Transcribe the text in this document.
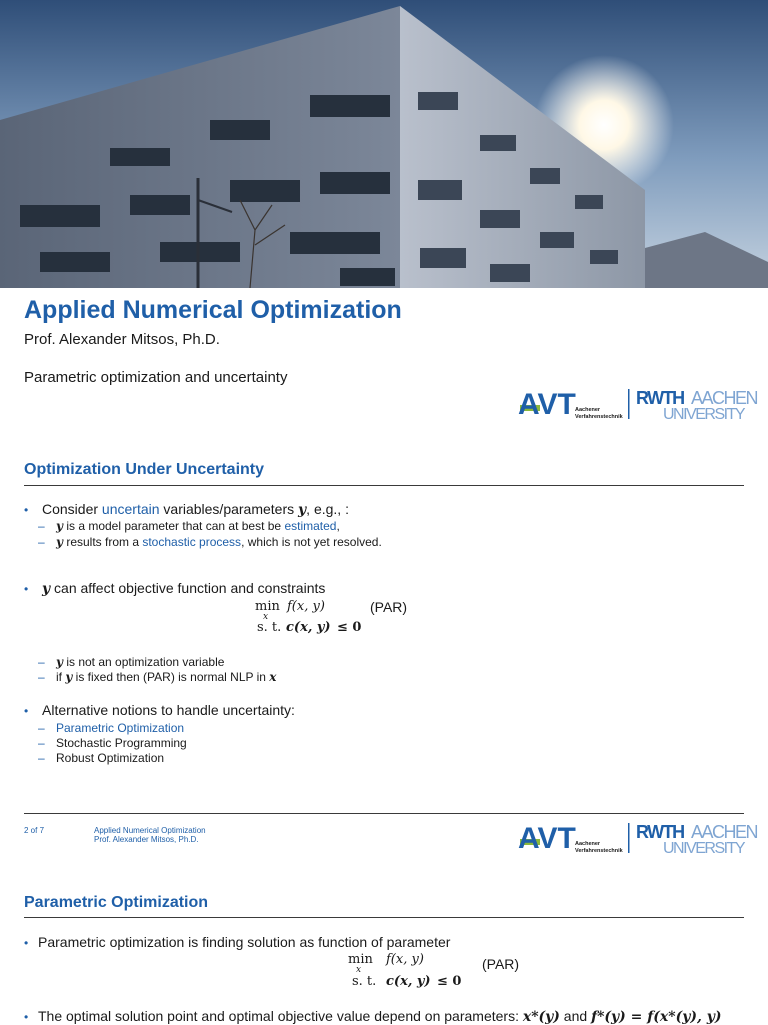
Applied Numerical Optimization
Prof. Alexander Mitsos, Ph.D.
Parametric optimization and uncertainty
AVT Aachener
Verfahrenstechnik
RWTH AACHEN
UNIVERSITY
Optimization Under Uncertainty
• Consider uncertain variables/parameters y, e.g., :
– y is a model parameter that can at best be estimated,
– y results from a stochastic process, which is not yet resolved.
• y can affect objective function and constraints
min
x
f(x, y)
s. t. c(x, y) ≤ 0
(PAR)
– y is not an optimization variable
– if y is fixed then (PAR) is normal NLP in x
• Alternative notions to handle uncertainty:
– Parametric Optimization
– Stochastic Programming
– Robust Optimization
2 of 7	Applied Numerical Optimization
Prof. Alexander Mitsos, Ph.D.	AVT Aachener
Verfahrenstechnik
RWTH AACHEN
UNIVERSITY
Parametric Optimization
• Parametric optimization is finding solution as function of parameter
min
x
f(x, y)
s. t. c(x, y) ≤ 0
(PAR)
• The optimal solution point and optimal objective value depend on parameters: x*(y) and f*(y) = f(x*(y), y)
